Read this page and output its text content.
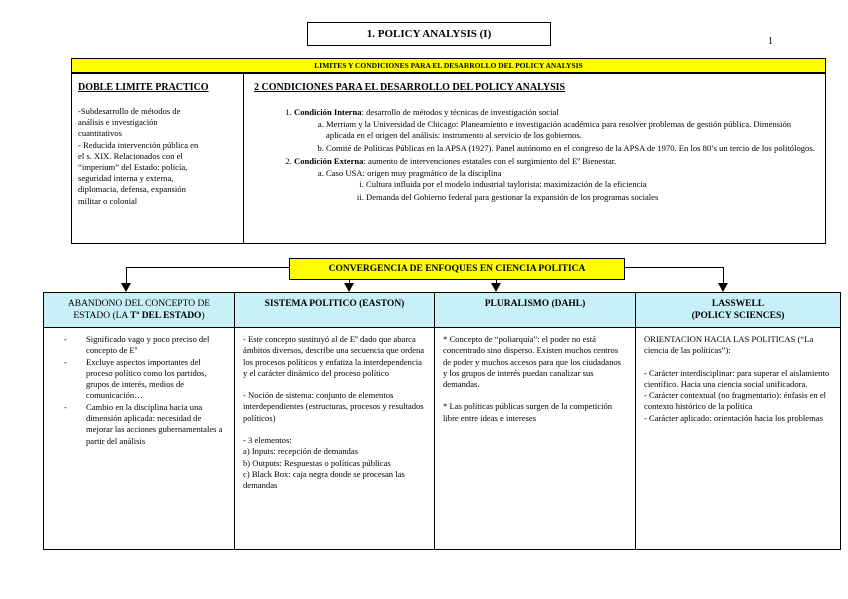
1. POLICY ANALYSIS (I)
1
LIMITES Y CONDICIONES PARA EL DESARROLLO DEL POLICY ANALYSIS
DOBLE LIMITE PRACTICO
-Subdesarrollo de métodos de
análisis e investigación
cuantitativos
- Reducida intervención pública en
el s. XIX. Relacionados con el
“imperium” del Estado: policía,
seguridad interna y externa,
diplomacia, defensa, expansión
militar o colonial
2 CONDICIONES PARA EL DESARROLLO DEL POLICY ANALYSIS
1. Condición Interna: desarrollo de métodos y técnicas de investigación social
a. Merriam y la Universidad de Chicago: Planeamiento e investigación académica para resolver problemas de gestión pública. Dimensión aplicada en el origen del análisis: instrumento al servicio de los gobiernos.
b. Comité de Políticas Públicas en la APSA (1927). Panel autónomo en el congreso de la APSA de 1970. En los 80’s un tercio de los politólogos.
2. Condición Externa: aumento de intervenciones estatales con el surgimiento del Eº Bienestar.
a. Caso USA: origen muy pragmático de la disciplina
i. Cultura influida por el modelo industrial taylorista: maximización de la eficiencia
ii. Demanda del Gobierno federal para gestionar la expansión de los programas sociales
CONVERGENCIA DE ENFOQUES EN CIENCIA POLITICA
ABANDONO DEL CONCEPTO DE
ESTADO (LA Tª DEL ESTADO)
- Significado vago y poco preciso del concepto de Eº
- Excluye aspectos importantes del proceso político como los partidos, grupos de interés, medios de comunicación…
- Cambio en la disciplina hacia una dimensión aplicada: necesidad de mejorar las acciones gubernamentales a partir del análisis
SISTEMA POLITICO (EASTON)

- Este concepto sustituyó al de Eº dado que abarca ámbitos diversos, describe una secuencia que ordena los procesos políticos y enfatiza la interdependencia y el carácter dinámico del proceso político

- Noción de sistema: conjunto de elementos interdependientes (estructuras, procesos y resultados políticos)

- 3 elementos:
a) Inputs: recepción de demandas
b) Outputs: Respuestas o políticas públicas
c) Black Box: caja negra donde se procesan las demandas
PLURALISMO (DAHL)

* Concepto de “poliarquía”: el poder no está concentrado sino disperso. Existen muchos centros de poder y muchos accesos para que los ciudadanos y los grupos de interés puedan canalizar sus demandas.

* Las políticas públicas surgen de la competición libre entre ideas e intereses

LASSWELL
(POLICY SCIENCES)

ORIENTACION HACIA LAS POLITICAS (“La ciencia de las políticas”):

- Carácter interdisciplinar: para superar el aislamiento científico. Hacia una ciencia social unificadora.
- Carácter contextual (no fragmentario): énfasis en el contexto histórico de la política
- Carácter aplicado: orientación hacia los problemas
